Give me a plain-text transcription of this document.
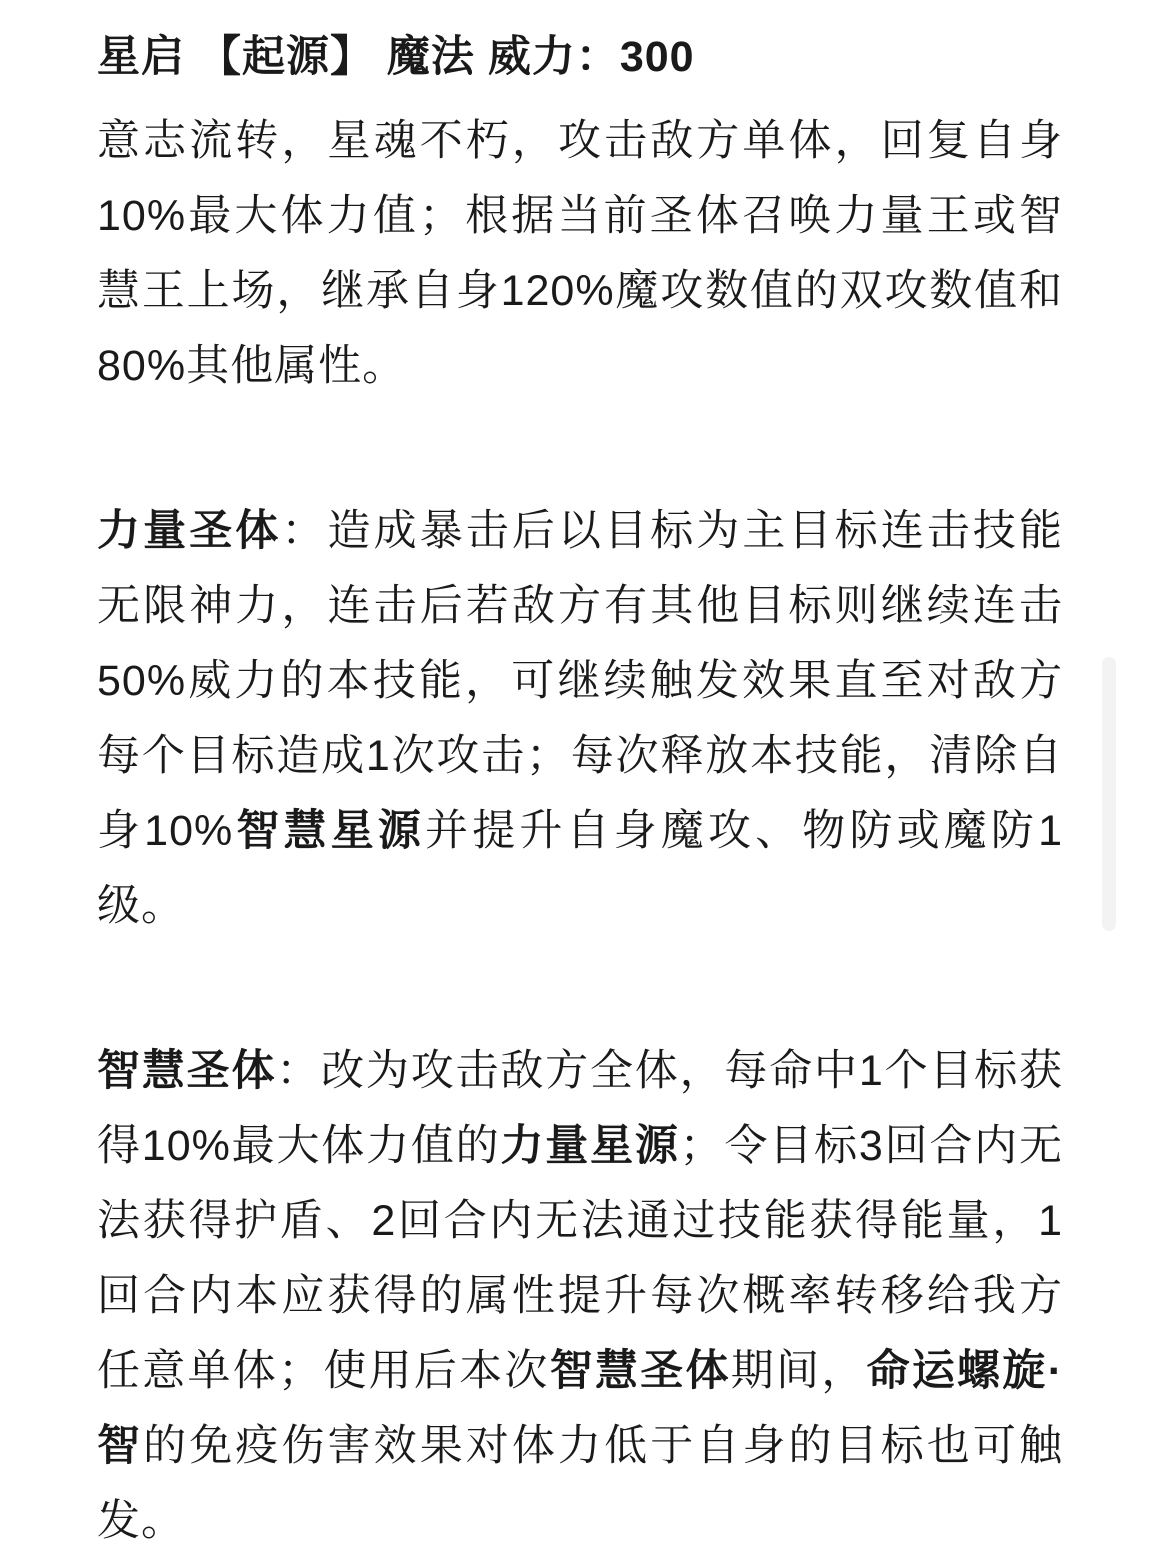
星启 【起源】 魔法 威力：300

意志流转，星魂不朽，攻击敌方单体，回复自身10%最大体力值；根据当前圣体召唤力量王或智慧王上场，继承自身120%魔攻数值的双攻数值和80%其他属性。

力量圣体：造成暴击后以目标为主目标连击技能无限神力，连击后若敌方有其他目标则继续连击50%威力的本技能，可继续触发效果直至对敌方每个目标造成1次攻击；每次释放本技能，清除自身10%智慧星源并提升自身魔攻、物防或魔防1级。

智慧圣体：改为攻击敌方全体，每命中1个目标获得10%最大体力值的力量星源；令目标3回合内无法获得护盾、2回合内无法通过技能获得能量，1回合内本应获得的属性提升每次概率转移给我方任意单体；使用后本次智慧圣体期间，命运螺旋·智的免疫伤害效果对体力低于自身的目标也可触发。
